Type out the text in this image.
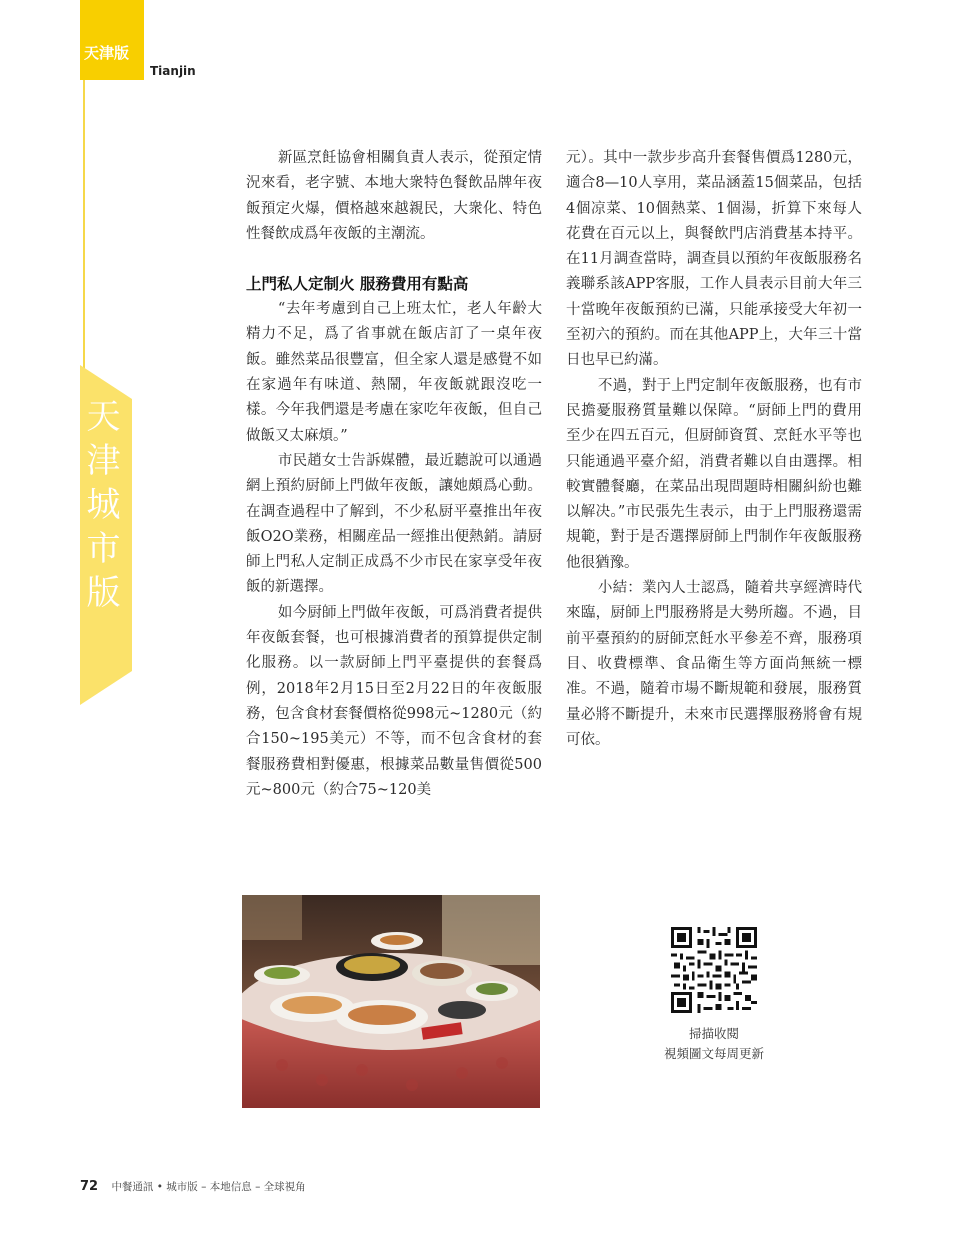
天津版
Tianjin
天津城市版

新區烹飪協會相關負責人表示，從預定情況來看，老字號、本地大衆特色餐飲品牌年夜飯預定火爆，價格越來越親民，大衆化、特色性餐飲成爲年夜飯的主潮流。

上門私人定制火 服務費用有點高

“去年考慮到自己上班太忙，老人年齡大精力不足，爲了省事就在飯店訂了一桌年夜飯。雖然菜品很豐富，但全家人還是感覺不如在家過年有味道、熱鬧，年夜飯就跟沒吃一樣。今年我們還是考慮在家吃年夜飯，但自己做飯又太麻煩。”

市民趙女士告訴媒體，最近聽說可以通過網上預約厨師上門做年夜飯，讓她頗爲心動。在調查過程中了解到，不少私厨平臺推出年夜飯O2O業務，相關産品一經推出便熱銷。請厨師上門私人定制正成爲不少市民在家享受年夜飯的新選擇。

如今厨師上門做年夜飯，可爲消費者提供年夜飯套餐，也可根據消費者的預算提供定制化服務。以一款厨師上門平臺提供的套餐爲例，2018年2月15日至2月22日的年夜飯服務，包含食材套餐價格從998元~1280元（約合150~195美元）不等，而不包含食材的套餐服務費相對優惠，根據菜品數量售價從500元~800元（約合75~120美

元）。其中一款步步高升套餐售價爲1280元，適合8—10人享用，菜品涵蓋15個菜品，包括4個凉菜、10個熱菜、1個湯，折算下來每人花費在百元以上，與餐飲門店消費基本持平。在11月調查當時，調查員以預約年夜飯服務名義聯系該APP客服，工作人員表示目前大年三十當晚年夜飯預約已滿，只能承接受大年初一至初六的預約。而在其他APP上，大年三十當日也早已約滿。

不過，對于上門定制年夜飯服務，也有市民擔憂服務質量難以保障。“厨師上門的費用至少在四五百元，但厨師資質、烹飪水平等也只能通過平臺介紹，消費者難以自由選擇。相較實體餐廳，在菜品出現問題時相關糾紛也難以解决。”市民張先生表示，由于上門服務還需規範，對于是否選擇厨師上門制作年夜飯服務他很猶豫。

小結：業內人士認爲，隨着共享經濟時代來臨，厨師上門服務將是大勢所趨。不過，目前平臺預約的厨師烹飪水平參差不齊，服務項目、收費標準、食品衛生等方面尚無統一標准。不過，隨着市場不斷規範和發展，服務質量必將不斷提升，未來市民選擇服務將會有規可依。

掃描收閱
視頻圖文每周更新
72 中餐通訊 • 城市版 – 本地信息 – 全球視角
